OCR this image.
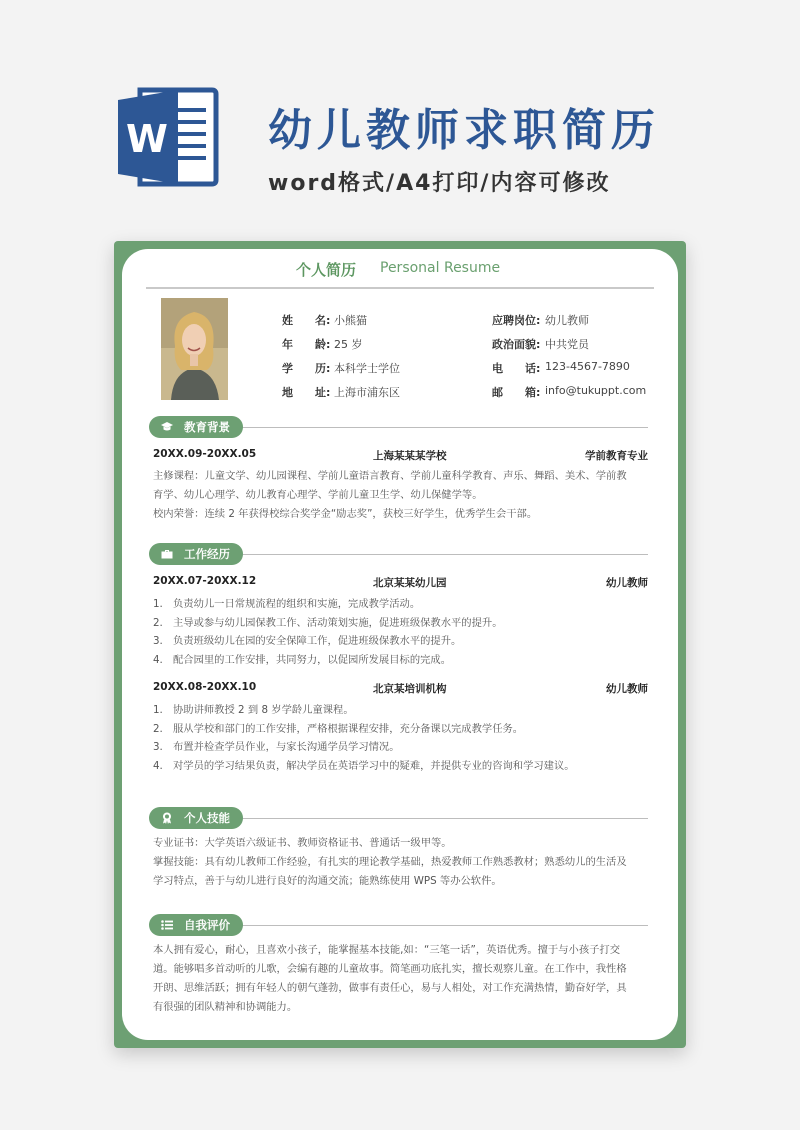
W 幼儿教师求职简历
word格式/A4打印/内容可修改
个人简历 Personal Resume
姓　　名: 小熊猫
年　　龄: 25 岁
学　　历: 本科学士学位
地　　址: 上海市浦东区
应聘岗位: 幼儿教师
政治面貌: 中共党员
电　　话: 123-4567-7890
邮　　箱: info@tukuppt.com
教育背景
20XX.09-20XX.05	上海某某某学校	学前教育专业
主修课程：儿童文学、幼儿园课程、学前儿童语言教育、学前儿童科学教育、声乐、舞蹈、美术、学前教
育学、幼儿心理学、幼儿教育心理学、学前儿童卫生学、幼儿保健学等。
校内荣誉：连续 2 年获得校综合奖学金“励志奖”，获校三好学生，优秀学生会干部。
工作经历
20XX.07-20XX.12	北京某某幼儿园	幼儿教师
1. 负责幼儿一日常规流程的组织和实施，完成教学活动。
2. 主导或参与幼儿园保教工作、活动策划实施，促进班级保教水平的提升。
3. 负责班级幼儿在园的安全保障工作，促进班级保教水平的提升。
4. 配合园里的工作安排，共同努力，以促园所发展目标的完成。
20XX.08-20XX.10	北京某培训机构	幼儿教师
1. 协助讲师教授 2 到 8 岁学龄儿童课程。
2. 服从学校和部门的工作安排，严格根据课程安排，充分备课以完成教学任务。
3. 布置并检查学员作业，与家长沟通学员学习情况。
4. 对学员的学习结果负责，解决学员在英语学习中的疑难，并提供专业的咨询和学习建议。
个人技能
专业证书：大学英语六级证书、教师资格证书、普通话一级甲等。
掌握技能：具有幼儿教师工作经验，有扎实的理论教学基础，热爱教师工作熟悉教材；熟悉幼儿的生活及
学习特点，善于与幼儿进行良好的沟通交流；能熟练使用 WPS 等办公软件。
自我评价
本人拥有爱心，耐心，且喜欢小孩子，能掌握基本技能,如：“三笔一话”，英语优秀。擅于与小孩子打交
道。能够唱多首动听的儿歌，会编有趣的儿童故事。简笔画功底扎实，擅长观察儿童。在工作中，我性格
开朗、思维活跃；拥有年轻人的朝气蓬勃，做事有责任心，易与人相处，对工作充满热情，勤奋好学，具
有很强的团队精神和协调能力。
